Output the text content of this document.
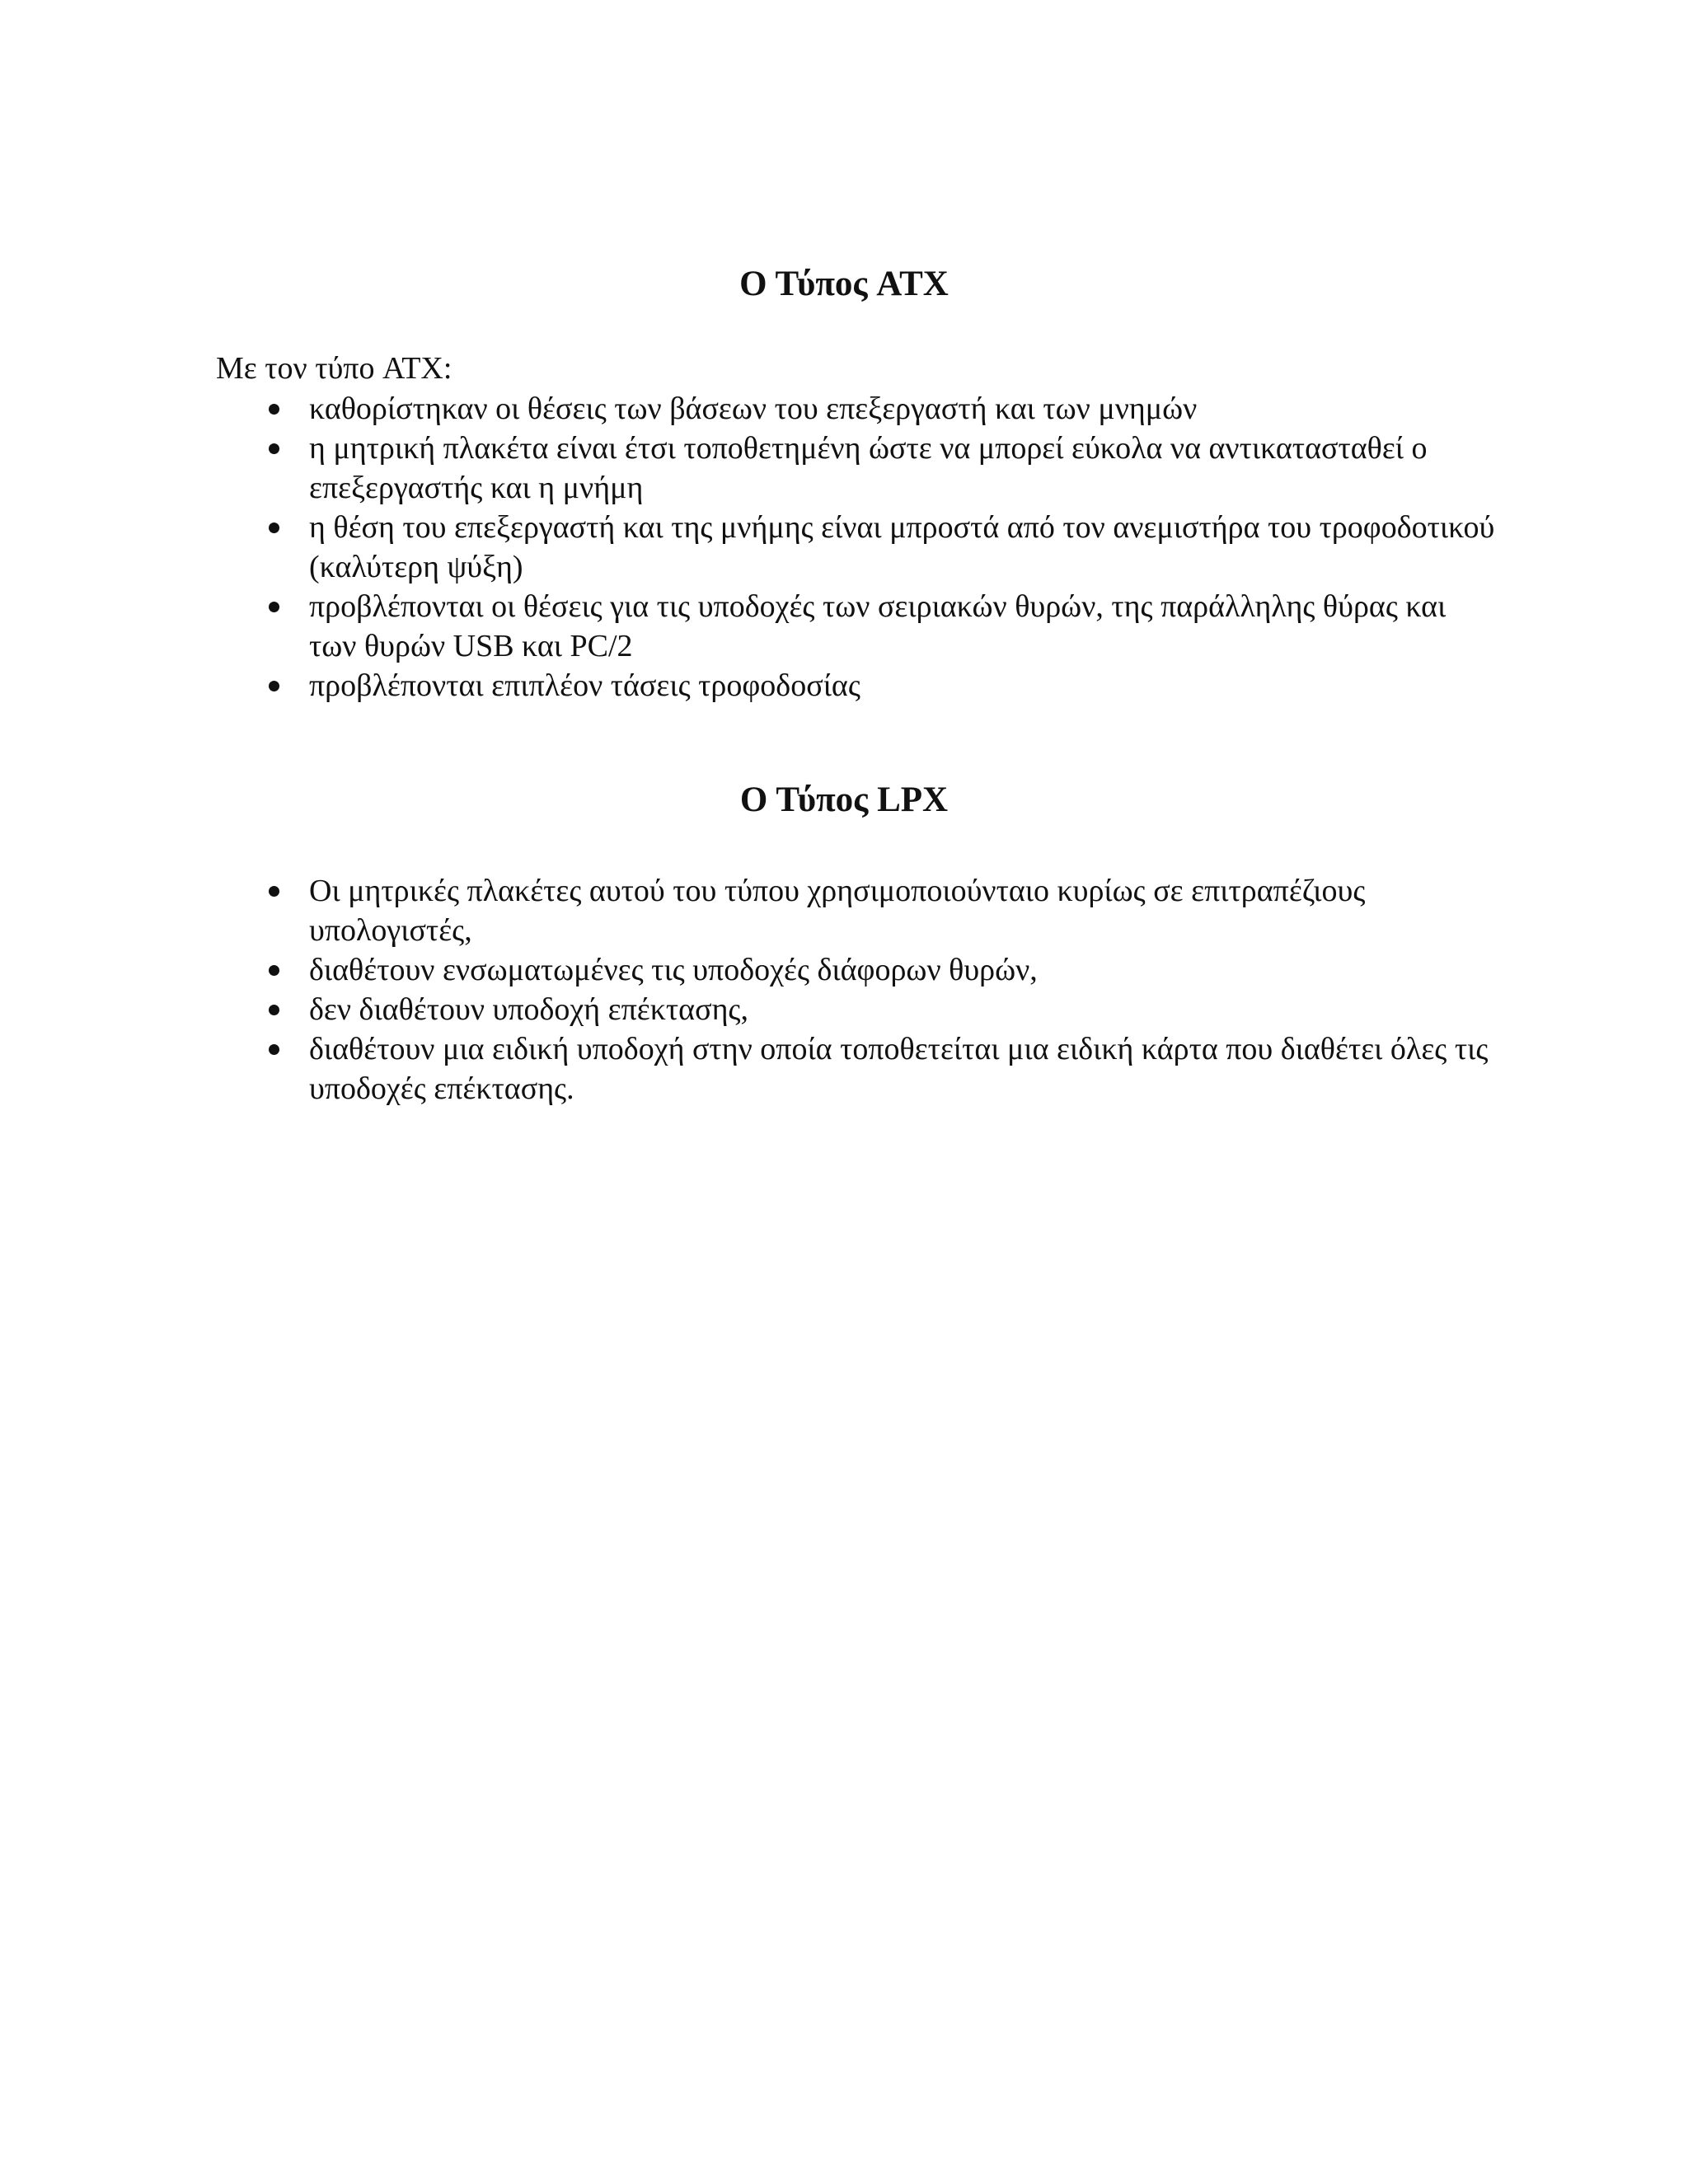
Ο Τύπος ATX

Με τον τύπο ATX:

καθορίστηκαν οι θέσεις των βάσεων του επεξεργαστή και των μνημών
η μητρική πλακέτα είναι έτσι τοποθετημένη ώστε να μπορεί εύκολα να αντικατασταθεί ο επεξεργαστής και η μνήμη
η θέση του επεξεργαστή και της μνήμης είναι μπροστά από τον ανεμιστήρα του τροφοδοτικού (καλύτερη ψύξη)
προβλέπονται οι θέσεις για τις υποδοχές των σειριακών θυρών, της παράλληλης θύρας και των θυρών USB και PC/2
προβλέπονται επιπλέον τάσεις τροφοδοσίας
Ο Τύπος LPX
Οι μητρικές πλακέτες αυτού του τύπου χρησιμοποιούνταιο κυρίως σε επιτραπέζιους υπολογιστές,
διαθέτουν ενσωματωμένες τις υποδοχές διάφορων θυρών,
δεν διαθέτουν υποδοχή επέκτασης,
διαθέτουν μια ειδική υποδοχή στην οποία τοποθετείται μια ειδική κάρτα που διαθέτει όλες τις υποδοχές επέκτασης.
